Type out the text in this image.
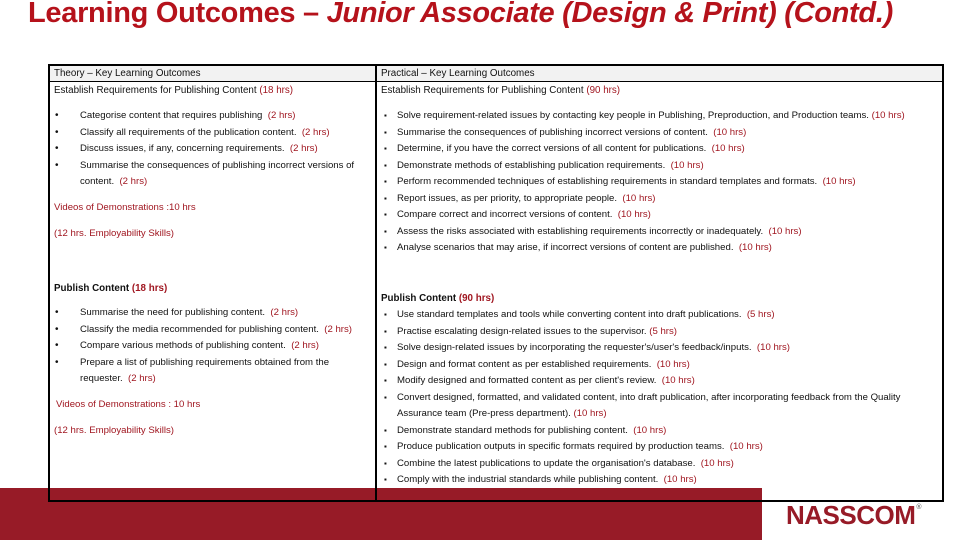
Learning Outcomes – Junior Associate (Design & Print) (Contd.)
NASSCOM®
Theory – Key Learning Outcomes
Establish Requirements for Publishing Content (18 hrs)
• Categorise content that requires publishing (2 hrs)
• Classify all requirements of the publication content. (2 hrs)
• Discuss issues, if any, concerning requirements. (2 hrs)
• Summarise the consequences of publishing incorrect versions of content. (2 hrs)
Videos of Demonstrations :10 hrs
(12 hrs. Employability Skills)
Publish Content (18 hrs)
• Summarise the need for publishing content. (2 hrs)
• Classify the media recommended for publishing content. (2 hrs)
• Compare various methods of publishing content. (2 hrs)
• Prepare a list of publishing requirements obtained from the requester. (2 hrs)
Videos of Demonstrations : 10 hrs
(12 hrs. Employability Skills)
Practical – Key Learning Outcomes
Establish Requirements for Publishing Content (90 hrs)
▪ Solve requirement-related issues by contacting key people in Publishing, Preproduction, and Production teams. (10 hrs)
▪ Summarise the consequences of publishing incorrect versions of content. (10 hrs)
▪ Determine, if you have the correct versions of all content for publications. (10 hrs)
▪ Demonstrate methods of establishing publication requirements. (10 hrs)
▪ Perform recommended techniques of establishing requirements in standard templates and formats. (10 hrs)
▪ Report issues, as per priority, to appropriate people. (10 hrs)
▪ Compare correct and incorrect versions of content. (10 hrs)
▪ Assess the risks associated with establishing requirements incorrectly or inadequately. (10 hrs)
▪ Analyse scenarios that may arise, if incorrect versions of content are published. (10 hrs)
Publish Content (90 hrs)
▪ Use standard templates and tools while converting content into draft publications. (5 hrs)
▪ Practise escalating design-related issues to the supervisor. (5 hrs)
▪ Solve design-related issues by incorporating the requester's/user's feedback/inputs. (10 hrs)
▪ Design and format content as per established requirements. (10 hrs)
▪ Modify designed and formatted content as per client's review. (10 hrs)
▪ Convert designed, formatted, and validated content, into draft publication, after incorporating feedback from the Quality Assurance team (Pre-press department). (10 hrs)
▪ Demonstrate standard methods for publishing content. (10 hrs)
▪ Produce publication outputs in specific formats required by production teams. (10 hrs)
▪ Combine the latest publications to update the organisation's database. (10 hrs)
▪ Comply with the industrial standards while publishing content. (10 hrs)
